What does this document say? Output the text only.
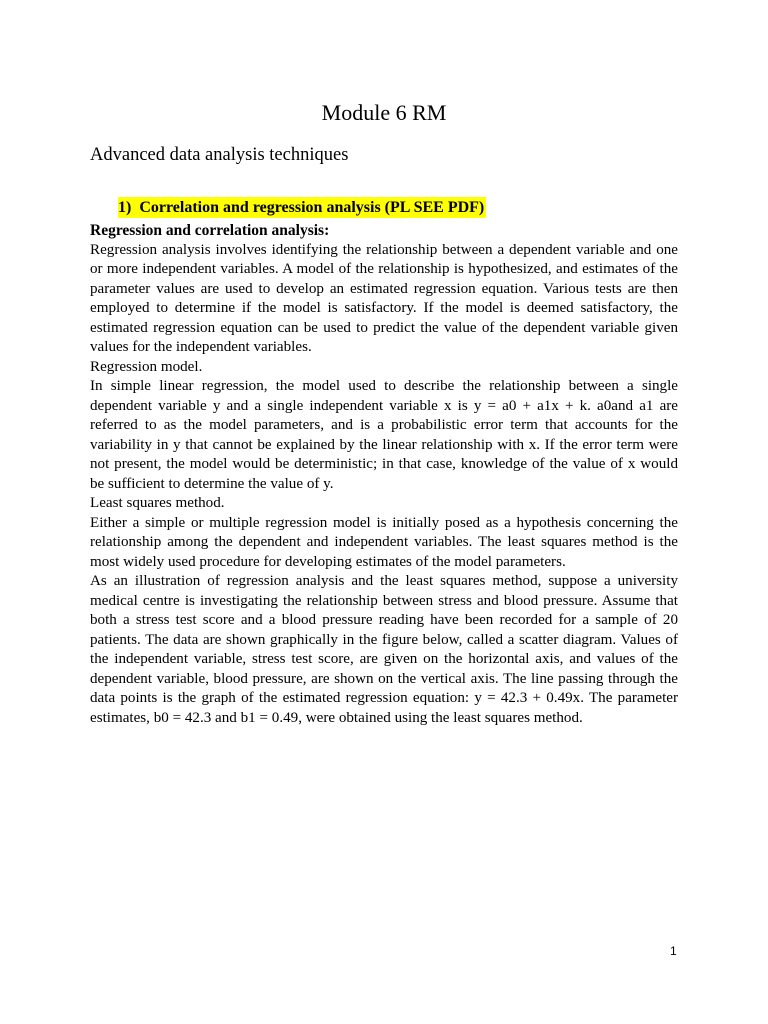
Module 6 RM
Advanced data analysis techniques
1) Correlation and regression analysis (PL SEE PDF)
Regression and correlation analysis:

Regression analysis involves identifying the relationship between a dependent variable and one or more independent variables. A model of the relationship is hypothesized, and estimates of the parameter values are used to develop an estimated regression equation. Various tests are then employed to determine if the model is satisfactory. If the model is deemed satisfactory, the estimated regression equation can be used to predict the value of the dependent variable given values for the independent variables.

Regression model.

In simple linear regression, the model used to describe the relationship between a single dependent variable y and a single independent variable x is y = a0 + a1x + k. a0and a1 are referred to as the model parameters, and is a probabilistic error term that accounts for the variability in y that cannot be explained by the linear relationship with x. If the error term were not present, the model would be deterministic; in that case, knowledge of the value of x would be sufficient to determine the value of y.

Least squares method.

Either a simple or multiple regression model is initially posed as a hypothesis concerning the relationship among the dependent and independent variables. The least squares method is the most widely used procedure for developing estimates of the model parameters.

As an illustration of regression analysis and the least squares method, suppose a university medical centre is investigating the relationship between stress and blood pressure. Assume that both a stress test score and a blood pressure reading have been recorded for a sample of 20 patients. The data are shown graphically in the figure below, called a scatter diagram. Values of the independent variable, stress test score, are given on the horizontal axis, and values of the dependent variable, blood pressure, are shown on the vertical axis. The line passing through the data points is the graph of the estimated regression equation: y = 42.3 + 0.49x. The parameter estimates, b0 = 42.3 and b1 = 0.49, were obtained using the least squares method.

1
